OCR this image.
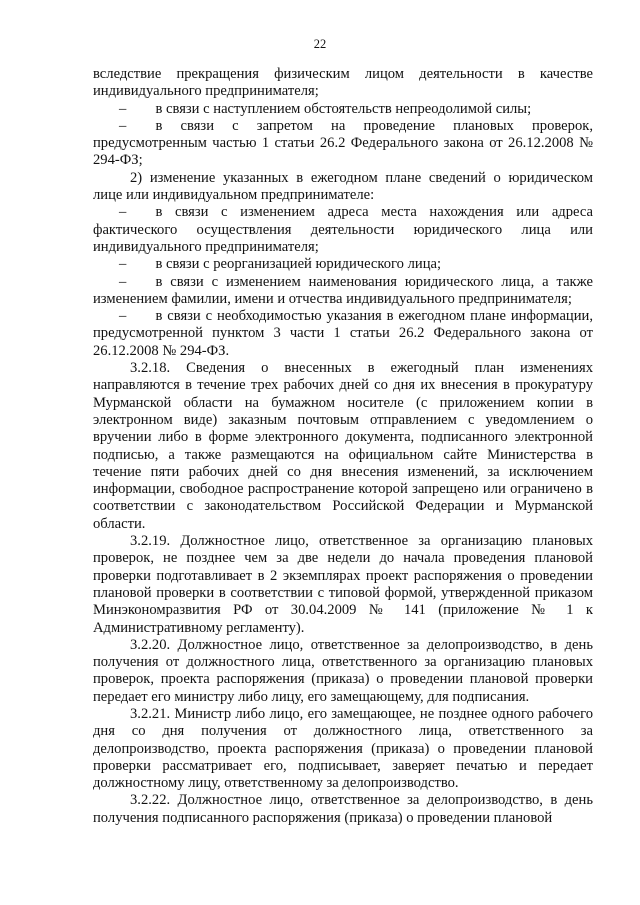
22

вследствие прекращения физическим лицом деятельности в качестве индивидуального предпринимателя;

–  в связи с наступлением обстоятельств непреодолимой силы;

–  в связи с запретом на проведение плановых проверок, предусмотренным частью 1 статьи 26.2 Федерального закона от 26.12.2008 № 294-ФЗ;

2) изменение указанных в ежегодном плане сведений о юридическом лице или индивидуальном предпринимателе:

–  в связи с изменением адреса места нахождения или адреса фактического осуществления деятельности юридического лица или индивидуального предпринимателя;

–  в связи с реорганизацией юридического лица;

–  в связи с изменением наименования юридического лица, а также изменением фамилии, имени и отчества индивидуального предпринимателя;

–  в связи с необходимостью указания в ежегодном плане информации, предусмотренной пунктом 3 части 1 статьи 26.2 Федерального закона от 26.12.2008 № 294-ФЗ.

3.2.18. Сведения о внесенных в ежегодный план изменениях направляются в течение трех рабочих дней со дня их внесения в прокуратуру Мурманской области на бумажном носителе (с приложением копии в электронном виде) заказным почтовым отправлением с уведомлением о вручении либо в форме электронного документа, подписанного электронной подписью, а также размещаются на официальном сайте Министерства в течение пяти рабочих дней со дня внесения изменений, за исключением информации, свободное распространение которой запрещено или ограничено в соответствии с законодательством Российской Федерации и Мурманской области.

3.2.19. Должностное лицо, ответственное за организацию плановых проверок, не позднее чем за две недели до начала проведения плановой проверки подготавливает в 2 экземплярах проект распоряжения о проведении плановой проверки в соответствии с типовой формой, утвержденной приказом Минэкономразвития РФ от 30.04.2009 № 141 (приложение № 1 к Административному регламенту).

3.2.20. Должностное лицо, ответственное за делопроизводство, в день получения от должностного лица, ответственного за организацию плановых проверок, проекта распоряжения (приказа) о проведении плановой проверки передает его министру либо лицу, его замещающему, для подписания.

3.2.21. Министр либо лицо, его замещающее, не позднее одного рабочего дня со дня получения от должностного лица, ответственного за делопроизводство, проекта распоряжения (приказа) о проведении плановой проверки рассматривает его, подписывает, заверяет печатью и передает должностному лицу, ответственному за делопроизводство.

3.2.22. Должностное лицо, ответственное за делопроизводство, в день получения подписанного распоряжения (приказа) о проведении плановой
